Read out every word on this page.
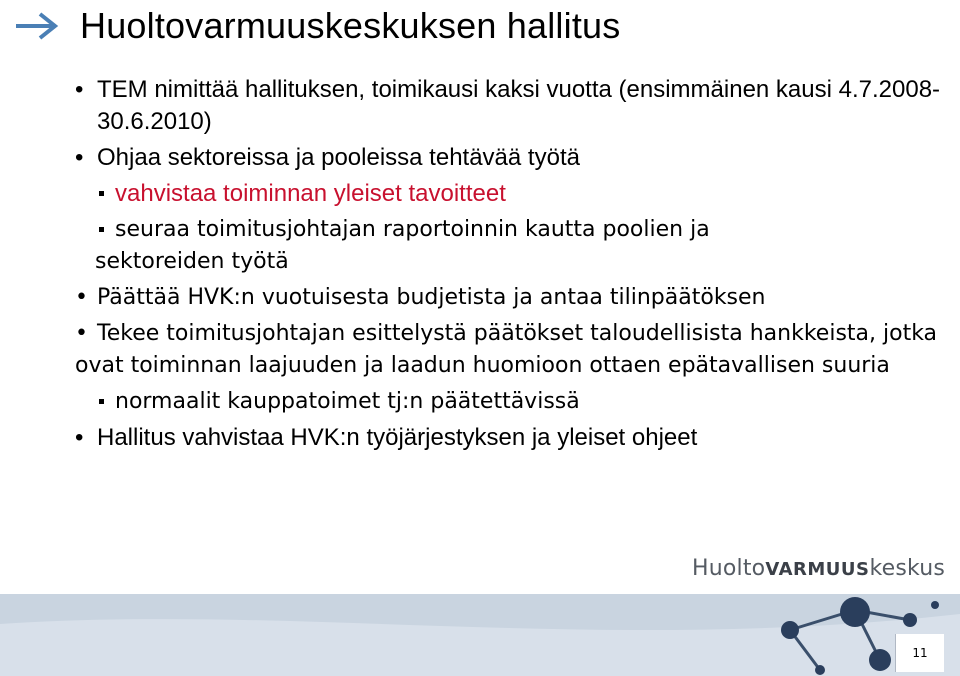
Huoltovarmuuskeskuksen hallitus
• TEM nimittää hallituksen, toimikausi kaksi vuotta (ensimmäinen kausi 4.7.2008-30.6.2010)
• Ohjaa sektoreissa ja pooleissa tehtävää työtä
vahvistaa toiminnan yleiset tavoitteet
seuraa toimitusjohtajan raportoinnin kautta poolien ja
sektoreiden työtä
• Päättää HVK:n vuotuisesta budjetista ja antaa tilinpäätöksen
• Tekee toimitusjohtajan esittelystä päätökset taloudellisista hankkeista, jotka ovat toiminnan laajuuden ja laadun huomioon ottaen epätavallisen suuria
normaalit kauppatoimet tj:n päätettävissä
• Hallitus vahvistaa HVK:n työjärjestyksen ja yleiset ohjeet
HuoltoVARMUUSkeskus
11
